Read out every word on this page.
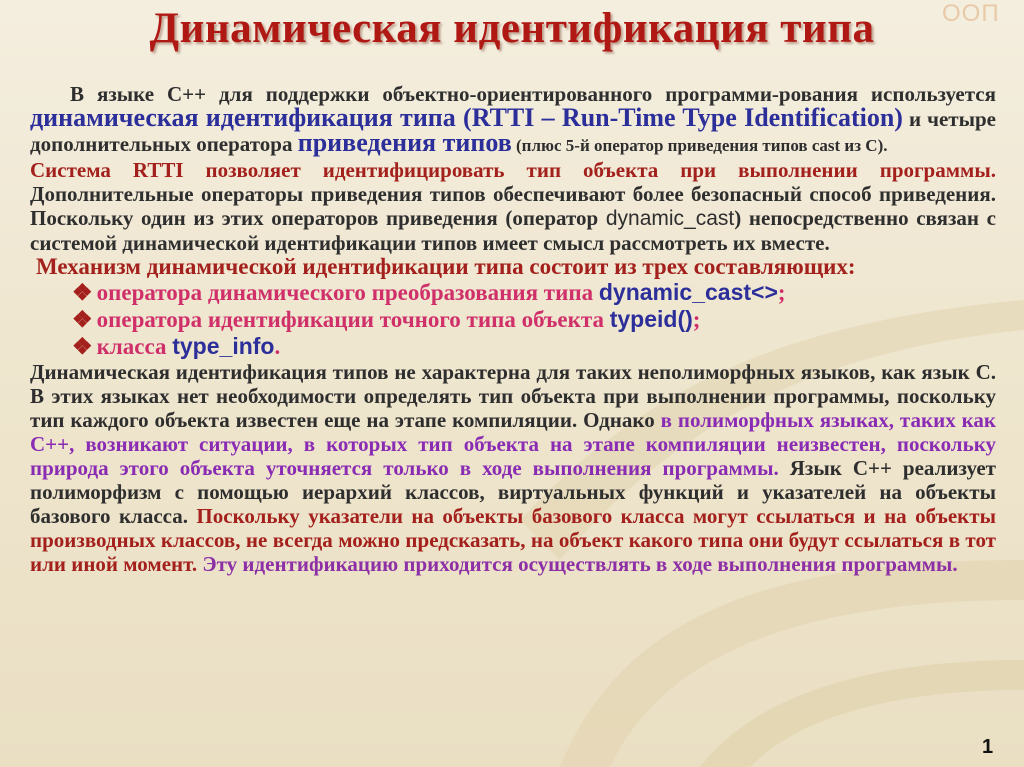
Динамическая идентификация типа	ООП

В языке C++ для поддержки объектно-ориентированного программи-рования используется динамическая идентификация типа (RTTI – Run-Time Type Identification) и четыре дополнительных оператора приведения типов (плюс 5-й оператор приведения типов cast из C).

Система RTTI позволяет идентифицировать тип объекта при выполнении программы. Дополнительные операторы приведения типов обеспечивают более безопасный способ приведения. Поскольку один из этих операторов приведения (оператор dynamic_cast) непосредственно связан с системой динамической идентификации типов имеет смысл рассмотреть их вместе.

Механизм динамической идентификации типа состоит из трех составляющих:

❖ оператора динамического преобразования типа dynamic_cast<>;
❖ оператора идентификации точного типа объекта typeid();
❖ класса type_info.

Динамическая идентификация типов не характерна для таких неполиморфных языков, как язык C. В этих языках нет необходимости определять тип объекта при выполнении программы, поскольку тип каждого объекта известен еще на этапе компиляции. Однако в полиморфных языках, таких как C++, возникают ситуации, в которых тип объекта на этапе компиляции неизвестен, поскольку природа этого объекта уточняется только в ходе выполнения программы. Язык C++ реализует полиморфизм с помощью иерархий классов, виртуальных функций и указателей на объекты базового класса. Поскольку указатели на объекты базового класса могут ссылаться и на объекты производных классов, не всегда можно предсказать, на объект какого типа они будут ссылаться в тот или иной момент. Эту идентификацию приходится осуществлять в ходе выполнения программы.

1
